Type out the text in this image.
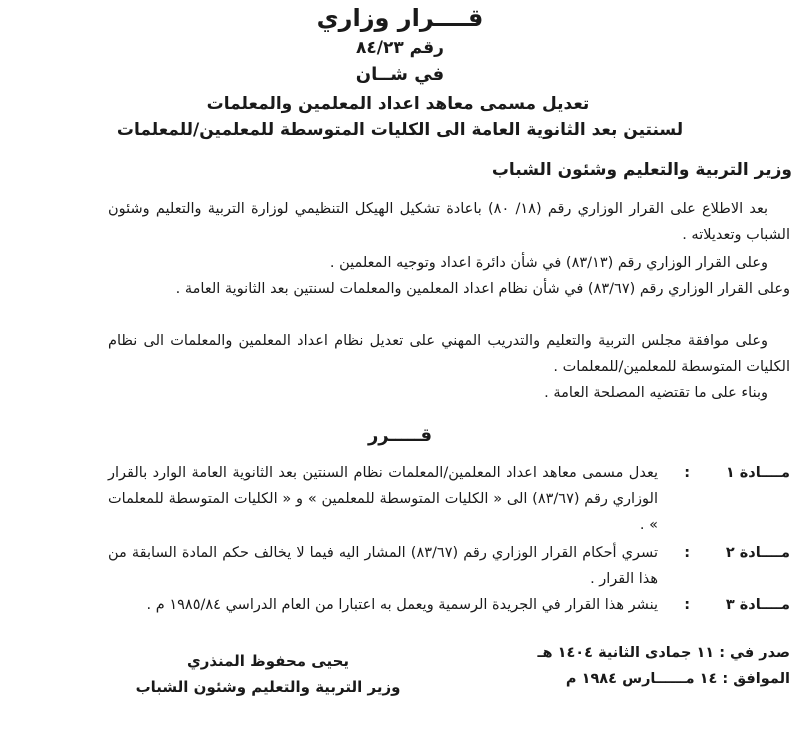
قــــرار وزاري
رقم ٨٤/٢٣
في شــان
تعديل مسمى معاهد اعداد المعلمين والمعلمات
لسنتين بعد الثانوية العامة الى الكليات المتوسطة للمعلمين/للمعلمات
وزير التربية والتعليم وشئون الشباب
بعد الاطلاع على القرار الوزاري رقم (١٨/ ٨٠) باعادة تشكيل الهيكل التنظيمي لوزارة التربية والتعليم وشئون الشباب وتعديلاته .
وعلى القرار الوزاري رقم (٨٣/١٣) في شأن دائرة اعداد وتوجيه المعلمين .
وعلى القرار الوزاري رقم (٨٣/٦٧) في شأن نظام اعداد المعلمين والمعلمات لسنتين بعد الثانوية العامة .
وعلى موافقة مجلس التربية والتعليم والتدريب المهني على تعديل نظام اعداد المعلمين والمعلمات الى نظام الكليات المتوسطة للمعلمين/للمعلمات .
وبناء على ما تقتضيه المصلحة العامة .
قـــــرر
مــــادة ١
:
يعدل مسمى معاهد اعداد المعلمين/المعلمات نظام السنتين بعد الثانوية العامة الوارد بالقرار الوزاري رقم (٨٣/٦٧) الى « الكليات المتوسطة للمعلمين » و « الكليات المتوسطة للمعلمات » .
مــــادة ٢
:
تسري أحكام القرار الوزاري رقم (٨٣/٦٧) المشار اليه فيما لا يخالف حكم المادة السابقة من هذا القرار .
مــــادة ٣
:
ينشر هذا القرار في الجريدة الرسمية ويعمل به اعتبارا من العام الدراسي ١٩٨٥/٨٤ م .
صدر في : ١١ جمادى الثانية ١٤٠٤ هـ
الموافق : ١٤ مــــــارس ١٩٨٤ م
يحيى محفوظ المنذري
وزير التربية والتعليم وشئون الشباب
